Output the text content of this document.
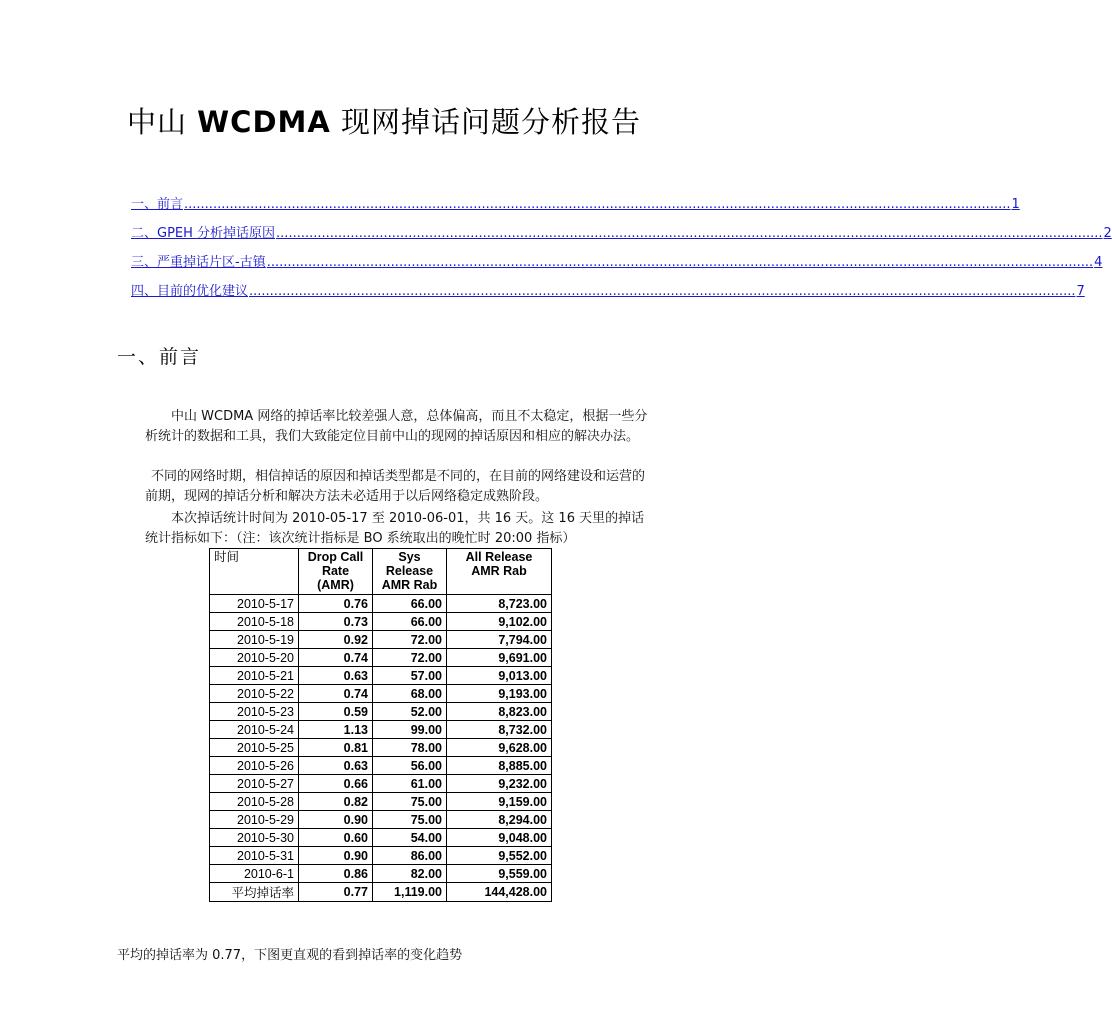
中山 WCDMA 现网掉话问题分析报告
一、前言 ........................................................................................................................................................................................................ 1
二、GPEH 分析掉话原因 ........................................................................................................................................................................................................ 2
三、严重掉话片区-古镇 ........................................................................................................................................................................................................ 4
四、目前的优化建议 ........................................................................................................................................................................................................ 7
一、前言
中山 WCDMA 网络的掉话率比较差强人意，总体偏高，而且不太稳定，根据一些分析统计的数据和工具，我们大致能定位目前中山的现网的掉话原因和相应的解决办法。
不同的网络时期，相信掉话的原因和掉话类型都是不同的，在目前的网络建设和运营的前期，现网的掉话分析和解决方法未必适用于以后网络稳定成熟阶段。
本次掉话统计时间为 2010-05-17 至 2010-06-01，共 16 天。这 16 天里的掉话统计指标如下：（注：该次统计指标是 BO 系统取出的晚忙时 20:00 指标）
时间	Drop Call Rate (AMR)	Sys Release AMR Rab	All Release AMR Rab

2010-5-17	0.76	66.00	8,723.00
2010-5-18	0.73	66.00	9,102.00
2010-5-19	0.92	72.00	7,794.00
2010-5-20	0.74	72.00	9,691.00
2010-5-21	0.63	57.00	9,013.00
2010-5-22	0.74	68.00	9,193.00
2010-5-23	0.59	52.00	8,823.00
2010-5-24	1.13	99.00	8,732.00
2010-5-25	0.81	78.00	9,628.00
2010-5-26	0.63	56.00	8,885.00
2010-5-27	0.66	61.00	9,232.00
2010-5-28	0.82	75.00	9,159.00
2010-5-29	0.90	75.00	8,294.00
2010-5-30	0.60	54.00	9,048.00
2010-5-31	0.90	86.00	9,552.00
2010-6-1	0.86	82.00	9,559.00
平均掉话率	0.77	1,119.00	144,428.00
平均的掉话率为 0.77，下图更直观的看到掉话率的变化趋势
